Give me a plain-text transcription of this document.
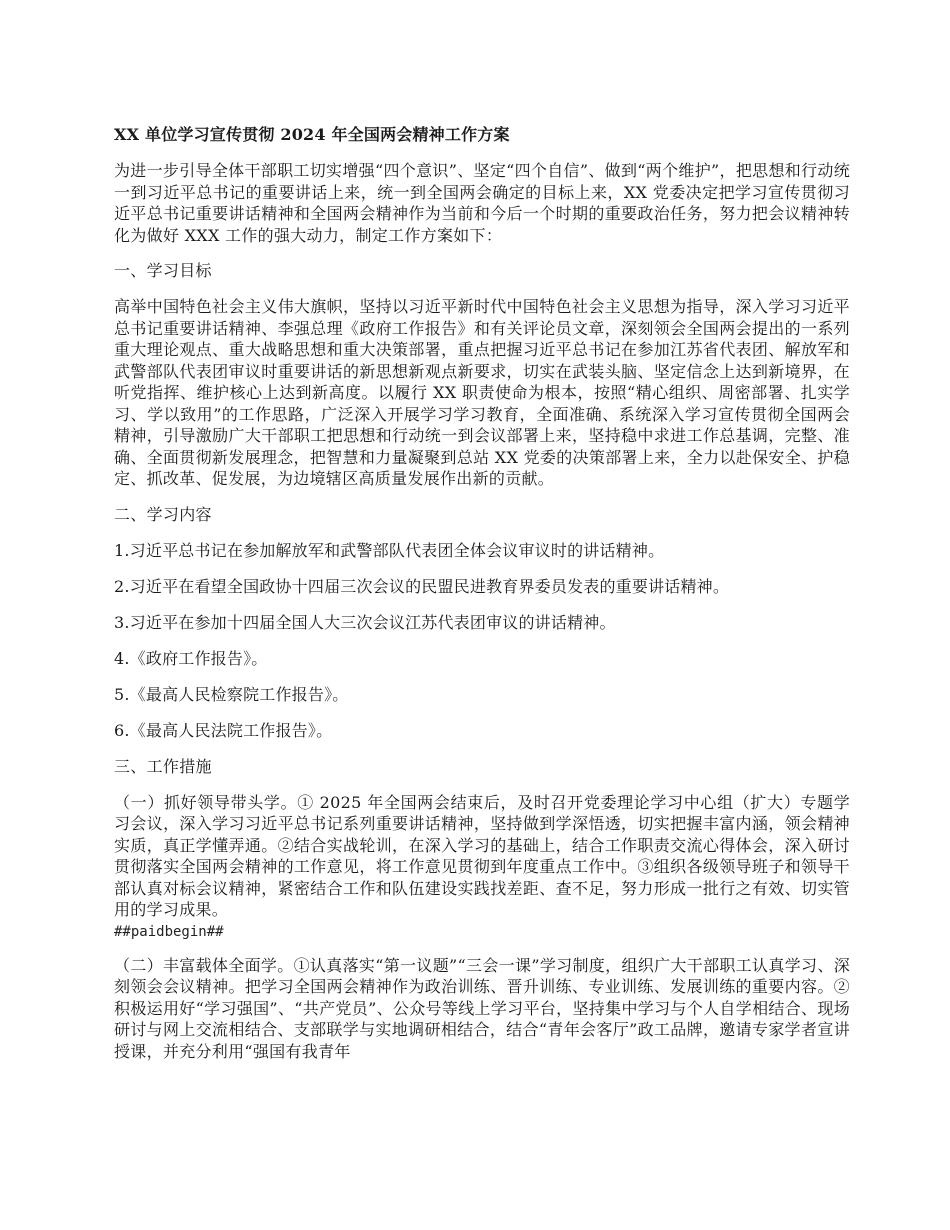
XX 单位学习宣传贯彻 2024 年全国两会精神工作方案
为进一步引导全体干部职工切实增强“四个意识”、坚定“四个自信”、做到“两个维护”，把思想和行动统一到习近平总书记的重要讲话上来，统一到全国两会确定的目标上来，XX 党委决定把学习宣传贯彻习近平总书记重要讲话精神和全国两会精神作为当前和今后一个时期的重要政治任务，努力把会议精神转化为做好 XXX 工作的强大动力，制定工作方案如下：
一、学习目标
高举中国特色社会主义伟大旗帜，坚持以习近平新时代中国特色社会主义思想为指导，深入学习习近平总书记重要讲话精神、李强总理《政府工作报告》和有关评论员文章，深刻领会全国两会提出的一系列重大理论观点、重大战略思想和重大决策部署，重点把握习近平总书记在参加江苏省代表团、解放军和武警部队代表团审议时重要讲话的新思想新观点新要求，切实在武装头脑、坚定信念上达到新境界，在听党指挥、维护核心上达到新高度。以履行 XX 职责使命为根本，按照“精心组织、周密部署、扎实学习、学以致用”的工作思路，广泛深入开展学习学习教育，全面准确、系统深入学习宣传贯彻全国两会精神，引导激励广大干部职工把思想和行动统一到会议部署上来，坚持稳中求进工作总基调，完整、准确、全面贯彻新发展理念，把智慧和力量凝聚到总站 XX 党委的决策部署上来，全力以赴保安全、护稳定、抓改革、促发展，为边境辖区高质量发展作出新的贡献。
二、学习内容
1.习近平总书记在参加解放军和武警部队代表团全体会议审议时的讲话精神。
2.习近平在看望全国政协十四届三次会议的民盟民进教育界委员发表的重要讲话精神。
3.习近平在参加十四届全国人大三次会议江苏代表团审议的讲话精神。
4.《政府工作报告》。
5.《最高人民检察院工作报告》。
6.《最高人民法院工作报告》。
三、工作措施
（一）抓好领导带头学。① 2025 年全国两会结束后，及时召开党委理论学习中心组（扩大）专题学习会议，深入学习习近平总书记系列重要讲话精神，坚持做到学深悟透，切实把握丰富内涵，领会精神实质，真正学懂弄通。②结合实战轮训，在深入学习的基础上，结合工作职责交流心得体会，深入研讨贯彻落实全国两会精神的工作意见，将工作意见贯彻到年度重点工作中。③组织各级领导班子和领导干部认真对标会议精神，紧密结合工作和队伍建设实践找差距、查不足，努力形成一批行之有效、切实管用的学习成果。
##paidbegin##
（二）丰富载体全面学。①认真落实“第一议题”“三会一课”学习制度，组织广大干部职工认真学习、深刻领会会议精神。把学习全国两会精神作为政治训练、晋升训练、专业训练、发展训练的重要内容。②积极运用好“学习强国”、“共产党员”、公众号等线上学习平台，坚持集中学习与个人自学相结合、现场研讨与网上交流相结合、支部联学与实地调研相结合，结合“青年会客厅”政工品牌，邀请专家学者宣讲授课，并充分利用“强国有我青年
